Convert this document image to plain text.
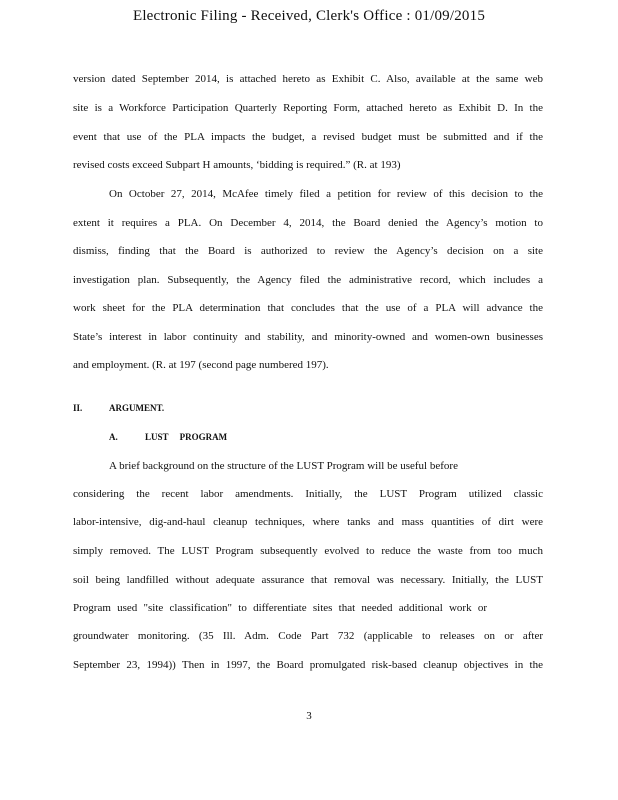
Electronic Filing - Received, Clerk's Office : 01/09/2015
version dated September 2014, is attached hereto as Exhibit C. Also, available at the same web
site is a Workforce Participation Quarterly Reporting Form, attached hereto as Exhibit D. In the
event that use of the PLA impacts the budget, a revised budget must be submitted and if the
revised costs exceed Subpart H amounts, ‘bidding is required.” (R. at 193)
On October 27, 2014, McAfee timely filed a petition for review of this decision to the
extent it requires a PLA. On December 4, 2014, the Board denied the Agency’s motion to
dismiss, finding that the Board is authorized to review the Agency’s decision on a site
investigation plan. Subsequently, the Agency filed the administrative record, which includes a
work sheet for the PLA determination that concludes that the use of a PLA will advance the
State’s interest in labor continuity and stability, and minority-owned and women-own businesses
and employment. (R. at 197 (second page numbered 197).
II.	ARGUMENT.
A.	LUST     PROGRAM
A brief background on the structure of the LUST Program will be useful before
considering the recent labor amendments. Initially, the LUST Program utilized classic
labor-intensive, dig-and-haul cleanup techniques, where tanks and mass quantities of dirt were
simply removed. The LUST Program subsequently evolved to reduce the waste from too much
soil being landfilled without adequate assurance that removal was necessary. Initially, the LUST
Program used "site classification" to differentiate sites that needed additional work or
groundwater monitoring. (35 Ill. Adm. Code Part 732 (applicable to releases on or after
September 23, 1994)) Then in 1997, the Board promulgated risk-based cleanup objectives in the
3
